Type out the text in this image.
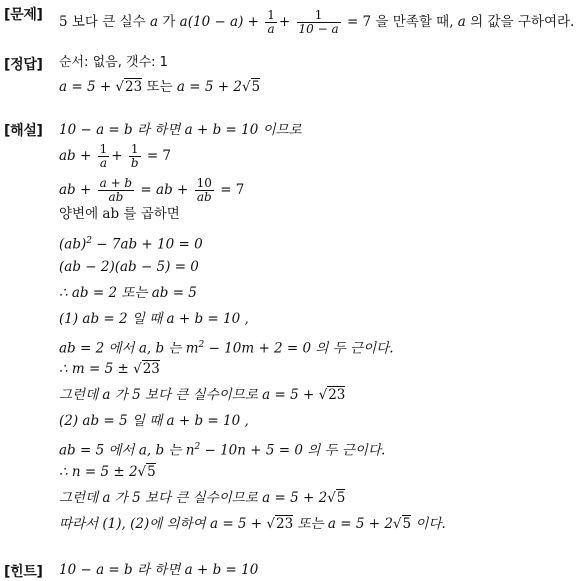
[문제] 5 보다 큰 실수 a 가 $a(10 - a) + \frac{1}{a} + \frac{1}{10 - a} = 7$ 을 만족할 때, a 의 값을 구하여라.
[정답] 순서: 없음, 갯수: 1
a = 5 + √23 또는 a = 5 + 2√5
[해설] 10 − a = b 라 하면 a + b = 10 이므로
ab + $\frac{1}{a} + \frac{1}{b} = 7$
ab + $\frac{a + b}{ab}$ = ab + $\frac{10}{ab} = 7$
양변에 ab 를 곱하면
(ab)$^2$ − 7ab + 10 = 0
(ab − 2)(ab − 5) = 0
∴ ab = 2 또는 ab = 5
(1) ab = 2 일 때 a + b = 10 ,
ab = 2 에서 a, b 는 $m^2 - 10m + 2 = 0$ 의 두 근이다.
∴ m = 5 ± √23
그런데 a 가 5 보다 큰 실수이므로 a = 5 + √23
(2) ab = 5 일 때 a + b = 10 ,
ab = 5 에서 a, b 는 $n^2 - 10n + 5 = 0$ 의 두 근이다.
∴ n = 5 ± 2√5
그런데 a 가 5 보다 큰 실수이므로 a = 5 + 2√5
따라서 (1), (2)에 의하여 a = 5 + √23 또는 a = 5 + 2√5 이다.
[힌트] 10 − a = b 라 하면 a + b = 10
